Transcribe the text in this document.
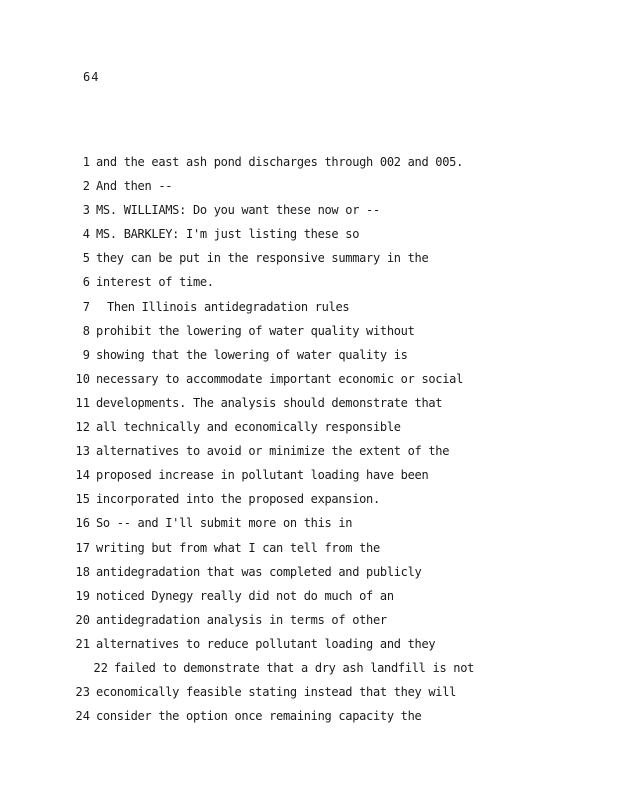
64
1 and the east ash pond discharges through 002 and 005.
2 And then --
3 MS. WILLIAMS: Do you want these now or --
4 MS. BARKLEY: I'm just listing these so
5 they can be put in the responsive summary in the
6 interest of time.
7 Then Illinois antidegradation rules
8 prohibit the lowering of water quality without
9 showing that the lowering of water quality is
10 necessary to accommodate important economic or social
11 developments. The analysis should demonstrate that
12 all technically and economically responsible
13 alternatives to avoid or minimize the extent of the
14 proposed increase in pollutant loading have been
15 incorporated into the proposed expansion.
16 So -- and I'll submit more on this in
17 writing but from what I can tell from the
18 antidegradation that was completed and publicly
19 noticed Dynegy really did not do much of an
20 antidegradation analysis in terms of other
21 alternatives to reduce pollutant loading and they
22 failed to demonstrate that a dry ash landfill is not
23 economically feasible stating instead that they will
24 consider the option once remaining capacity the
